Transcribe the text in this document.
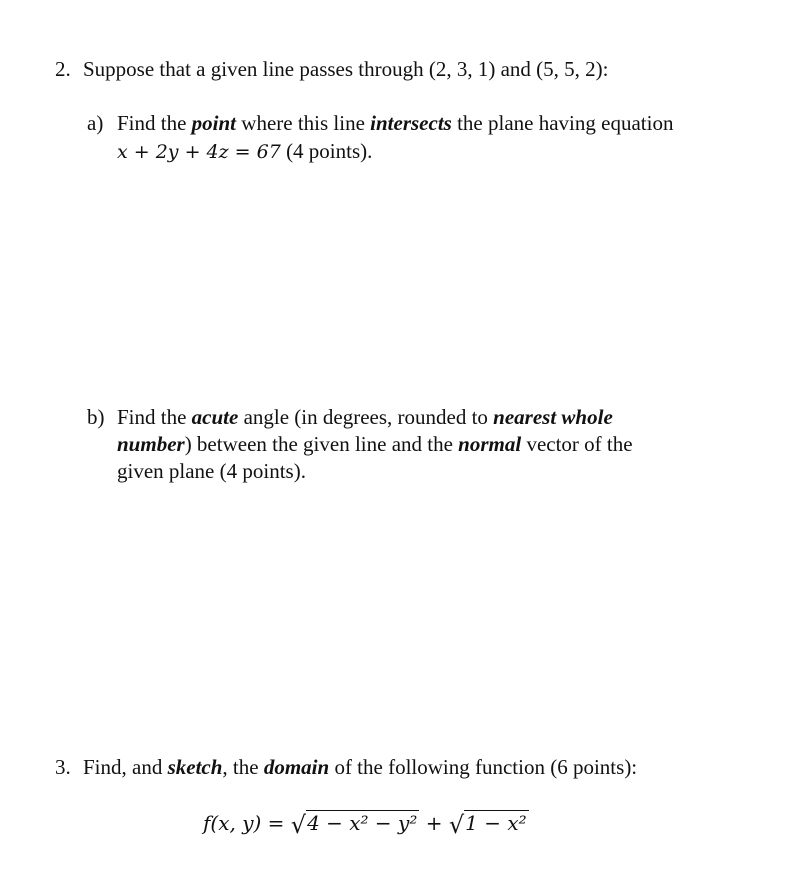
2. Suppose that a given line passes through (2, 3, 1) and (5, 5, 2):
a) Find the point where this line intersects the plane having equation
x + 2y + 4z = 67 (4 points).
b) Find the acute angle (in degrees, rounded to nearest whole
number) between the given line and the normal vector of the
given plane (4 points).
3. Find, and sketch, the domain of the following function (6 points):
f(x, y) = √4 − x² − y² + √1 − x²
